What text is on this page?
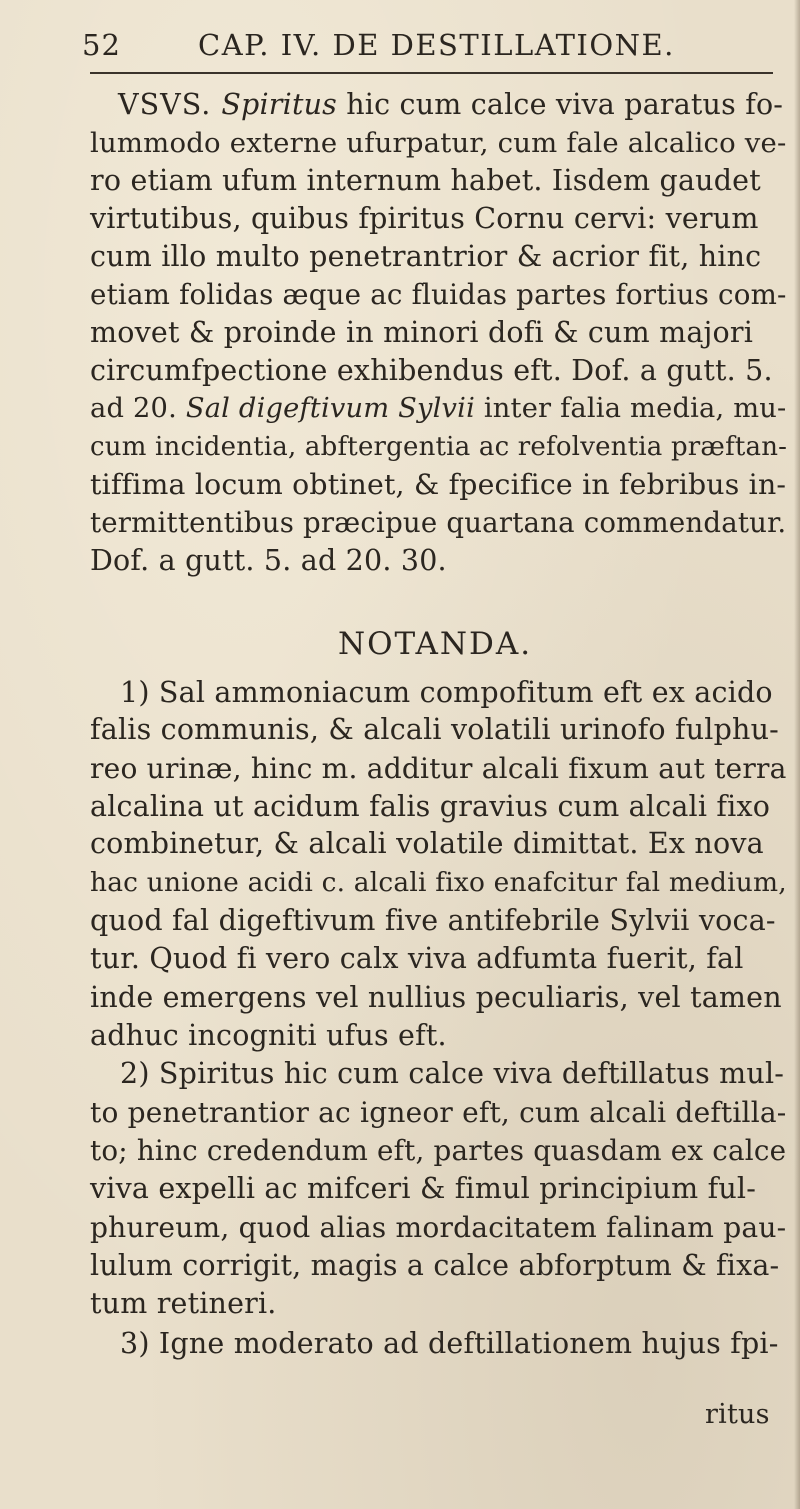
52	CAP. IV. DE DESTILLATIONE.
VSVS. Spiritus hic cum calce viva paratus fo-
lummodo externe ufurpatur, cum fale alcalico ve-
ro etiam ufum internum habet. Iisdem gaudet
virtutibus, quibus fpiritus Cornu cervi: verum
cum illo multo penetrantrior & acrior fit, hinc
etiam folidas æque ac fluidas partes fortius com-
movet & proinde in minori dofi & cum majori
circumfpectione exhibendus eft. Dof. a gutt. 5.
ad 20. Sal digeftivum Sylvii inter falia media, mu-
cum incidentia, abftergentia ac refolventia præftan-
tiffima locum obtinet, & fpecifice in febribus in-
termittentibus præcipue quartana commendatur.
Dof. a gutt. 5. ad 20. 30.
NOTANDA.
1) Sal ammoniacum compofitum eft ex acido
falis communis, & alcali volatili urinofo fulphu-
reo urinæ, hinc m. additur alcali fixum aut terra
alcalina ut acidum falis gravius cum alcali fixo
combinetur, & alcali volatile dimittat. Ex nova
hac unione acidi c. alcali fixo enafcitur fal medium,
quod fal digeftivum five antifebrile Sylvii voca-
tur. Quod fi vero calx viva adfumta fuerit, fal
inde emergens vel nullius peculiaris, vel tamen
adhuc incogniti ufus eft.
2) Spiritus hic cum calce viva deftillatus mul-
to penetrantior ac igneor eft, cum alcali deftilla-
to; hinc credendum eft, partes quasdam ex calce
viva expelli ac mifceri & fimul principium ful-
phureum, quod alias mordacitatem falinam pau-
lulum corrigit, magis a calce abforptum & fixa-
tum retineri.
3) Igne moderato ad deftillationem hujus fpi-
ritus
